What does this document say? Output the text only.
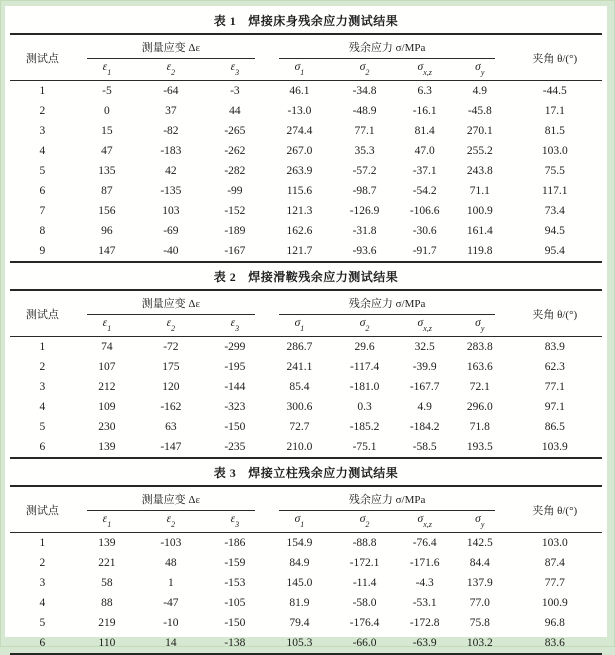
表 1 焊接床身残余应力测试结果
测试点	测量应变 Δε			残余应力 σ/MPa				夹角 θ/(°)
	$\varepsilon_1$	$\varepsilon_2$	$\varepsilon_3$	$\sigma_1$	$\sigma_2$	$\sigma_{x,z}$	$\sigma_y$
1	-5	-64	-3	46.1	-34.8	6.3	4.9	-44.5
2	0	37	44	-13.0	-48.9	-16.1	-45.8	17.1
3	15	-82	-265	274.4	77.1	81.4	270.1	81.5
4	47	-183	-262	267.0	35.3	47.0	255.2	103.0
5	135	42	-282	263.9	-57.2	-37.1	243.8	75.5
6	87	-135	-99	115.6	-98.7	-54.2	71.1	117.1
7	156	103	-152	121.3	-126.9	-106.6	100.9	73.4
8	96	-69	-189	162.6	-31.8	-30.6	161.4	94.5
9	147	-40	-167	121.7	-93.6	-91.7	119.8	95.4
表 2 焊接滑鞍残余应力测试结果
测试点	测量应变 Δε			残余应力 σ/MPa				夹角 θ/(°)
	$\varepsilon_1$	$\varepsilon_2$	$\varepsilon_3$	$\sigma_1$	$\sigma_2$	$\sigma_{x,z}$	$\sigma_y$
1	74	-72	-299	286.7	29.6	32.5	283.8	83.9
2	107	175	-195	241.1	-117.4	-39.9	163.6	62.3
3	212	120	-144	85.4	-181.0	-167.7	72.1	77.1
4	109	-162	-323	300.6	0.3	4.9	296.0	97.1
5	230	63	-150	72.7	-185.2	-184.2	71.8	86.5
6	139	-147	-235	210.0	-75.1	-58.5	193.5	103.9
表 3 焊接立柱残余应力测试结果
测试点	测量应变 Δε			残余应力 σ/MPa				夹角 θ/(°)
	$\varepsilon_1$	$\varepsilon_2$	$\varepsilon_3$	$\sigma_1$	$\sigma_2$	$\sigma_{x,z}$	$\sigma_y$
1	139	-103	-186	154.9	-88.8	-76.4	142.5	103.0
2	221	48	-159	84.9	-172.1	-171.6	84.4	87.4
3	58	1	-153	145.0	-11.4	-4.3	137.9	77.7
4	88	-47	-105	81.9	-58.0	-53.1	77.0	100.9
5	219	-10	-150	79.4	-176.4	-172.8	75.8	96.8
6	110	14	-138	105.3	-66.0	-63.9	103.2	83.6
